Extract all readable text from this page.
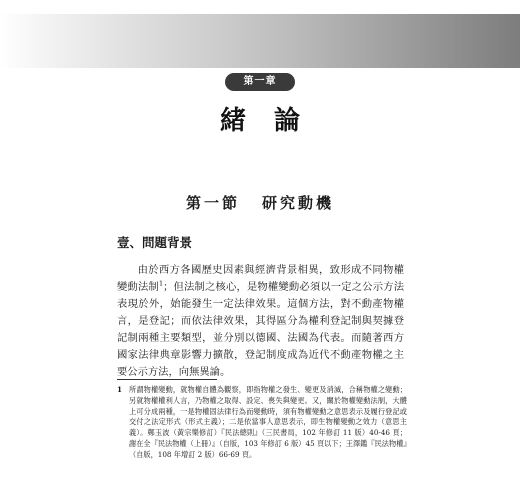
第一章
緒論
第一節 研究動機
壹、問題背景

由於西方各國歷史因素與經濟背景相異，致形成不同物權變動法制$^1$；但法制之核心，是物權變動必須以一定之公示方法表現於外，始能發生一定法律效果。這個方法，對不動產物權言，是登記；而依法律效果，其得區分為權利登記制與契據登記制兩種主要類型，並分別以德國、法國為代表。而隨著西方國家法律典章影響力擴散，登記制度成為近代不動產物權之主要公示方法，向無異論。

1 所謂物權變動，就物權自體為觀察，即指物權之發生、變更及消滅，合稱物權之變動；另就物權權利人言，乃物權之取得、設定、喪失與變更。又，關於物權變動法制，大體上可分成兩種，一是物權固法律行為而變動時，須有物權變動之意思表示及履行登記或交付之法定形式（形式主義）；二是依當事人意思表示，即生物權變動之效力（意思主義）。鄭玉波（黃宗樂修訂）『民法總則』（三民書局，102 年修訂 11 版）40-46 頁；謝在全『民法物權（上冊）』（自版，103 年修訂 6 版）45 頁以下；王澤鑑『民法物權』（自版，108 年增訂 2 版）66-69 頁。
